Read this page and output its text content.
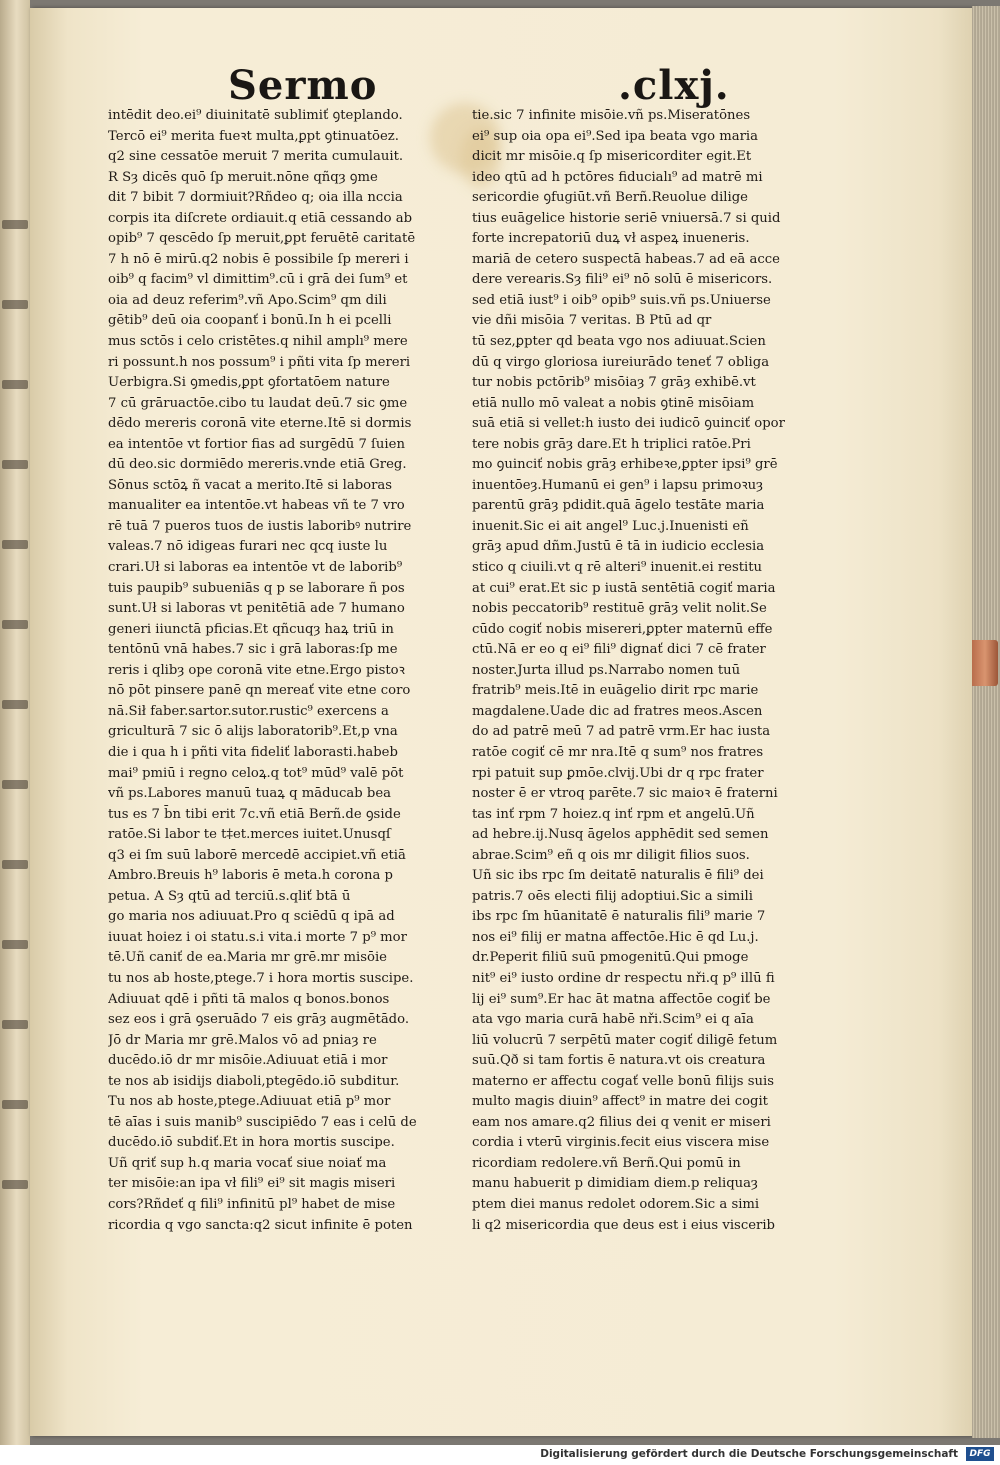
Sermo	.clxj.
intēdit deo.ei⁹ diuinitatē sublimiť ꝯteplando.
Tercō ei⁹ merita fueꝛt multa,ꝑpt ꝯtinuatōez.
q2 sine cessatōe meruit 7 merita cumulauit.
R Sȝ dicēs quō ſp meruit.nōne qñqȝ ꝯme
dit 7 bibit 7 dormiuit?Rñdeo q; oia illa nccia
corpis ita diſcrete ordiauit.q etiā cessando ab
opib⁹ 7 qescēdo ſp meruit,ꝑpt feruētē caritatē
7 h nō ē mirū.q2 nobis ē possibile ſp mereri i
oib⁹ q facim⁹ vl dimittim⁹.cū i grā dei ſum⁹ et
oia ad deuz referim⁹.vñ Apo.Scim⁹ qm dili
gētib⁹ deū oia coopanť i bonū.In h ei pcelli
mus sctōs i celo cristētes.q nihil amplı⁹ mere
ri possunt.h nos possum⁹ i pñti vita ſp mereri
Uerbigra.Si ꝯmedis,ꝑpt ꝯfortatōem nature
7 cū grāruactōe.cibo tu laudat deū.7 sic ꝯme
dēdo mereris coronā vite eterne.Itē si dormis
ea intentōe vt fortior fias ad surgēdū 7 ſuien
dū deo.sic dormiēdo mereris.vnde etiā Greg.
Sōnus sctōꝝ ñ vacat a merito.Itē si laboras
manualiter ea intentōe.vt habeas vñ te 7 vro
rē tuā 7 pueros tuos de iustis laboribꝰ nutrire
valeas.7 nō idigeas furari nec qcq iuste lu
crari.Uł si laboras ea intentōe vt de laborib⁹
tuis paupib⁹ subueniās q p se laborare ñ pos
sunt.Uł si laboras vt penitētiā ade 7 humano
generi iiunctā pficias.Et qñcuqȝ haꝝ triū in
tentōnū vnā habes.7 sic i grā laboras:ſp me
reris i qlibȝ ope coronā vite etne.Ergo pistoꝛ
nō pōt pinsere panē qn mereať vite etne coro
nā.Sił faber.sartor.sutor.rustic⁹ exercens a
griculturā 7 sic ō alijs laboratorib⁹.Et,p vna
die i qua h i pñti vita fideliť laborasti.habeb
mai⁹ pmiū i regno celoꝝ.q tot⁹ mūd⁹ valē pōt
vñ ps.Labores manuū tuaꝝ q māducab bea
tus es 7 b̄n tibi erit 7c.vñ etiā Berñ.de ꝯside
ratōe.Si labor te t‡et.merces iuitet.Unusqſ
q3 ei ſm suū laborē mercedē accipiet.vñ etiā
Ambro.Breuis h⁹ laboris ē meta.h corona p
petua. A Sȝ qtū ad terciū.s.qliť btā ū
go maria nos adiuuat.Pro q sciēdū q ipā ad
iuuat hoiez i oi statu.s.i vita.i morte 7 p⁹ mor
tē.Uñ caniť de ea.Maria mr grē.mr misōie
tu nos ab hoste,ptege.7 i hora mortis suscipe.
Adiuuat qdē i pñti tā malos q bonos.bonos
sez eos i grā ꝯseruādo 7 eis grāȝ augmētādo.
Jō dr Maria mr grē.Malos vō ad pniaȝ re
ducēdo.iō dr mr misōie.Adiuuat etiā i mor
te nos ab isidijs diaboli,ptegēdo.iō subditur.
Tu nos ab hoste,ptege.Adiuuat etiā p⁹ mor
tē aīas i suis manib⁹ suscipiēdo 7 eas i celū de
ducēdo.iō subdiť.Et in hora mortis suscipe.
Uñ qriť sup h.q maria vocať siue noiať ma
ter misōie:an ipa vł fili⁹ ei⁹ sit magis miseri
cors?Rñdeť q fili⁹ infinitū pl⁹ habet de mise
ricordia q vgo sancta:q2 sicut infinite ē poten
tie.sic 7 infinite misōie.vñ ps.Miseratōnes
ei⁹ sup oia opa ei⁹.Sed ipa beata vgo maria
dicit mr misōie.q ſp misericorditer egit.Et
ideo qtū ad h pctōres fiducialı⁹ ad matrē mi
sericordie ꝯfugiūt.vñ Berñ.Reuolue dilige
tius euāgelice historie seriē vniuersā.7 si quid
forte increpatoriū duꝝ vł aspeꝝ inueneris.
mariā de cetero suspectā habeas.7 ad eā acce
dere verearis.Sȝ fili⁹ ei⁹ nō solū ē misericors.
sed etiā iust⁹ i oib⁹ opib⁹ suis.vñ ps.Uniuerse
vie dñi misōia 7 veritas. B Ptū ad qr
tū sez,ꝑpter qd beata vgo nos adiuuat.Scien
dū q virgo gloriosa iureiurādo teneť 7 obliga
tur nobis pctōrib⁹ misōiaȝ 7 grāȝ exhibē.vt
etiā nullo mō valeat a nobis ꝯtinē misōiam
suā etiā si vellet:h iusto dei iudicō ꝯuinciť opor
tere nobis grāȝ dare.Et h triplici ratōe.Pri
mo ꝯuinciť nobis grāȝ erhibeꝛe,ꝑpter ipsi⁹ grē
inuentōeȝ.Humanū ei gen⁹ i lapsu primoꝛuȝ
parentū grāȝ pdidit.quā āgelo testāte maria
inuenit.Sic ei ait angel⁹ Luc.j.Inuenisti eñ
grāȝ apud dñm.Justū ē tā in iudicio ecclesia
stico q ciuili.vt q rē alteri⁹ inuenit.ei restitu
at cui⁹ erat.Et sic p iustā sentētiā cogiť maria
nobis peccatorib⁹ restituē grāȝ velit nolit.Se
cūdo cogiť nobis misereri,ꝑpter maternū effe
ctū.Nā er eo q ei⁹ fili⁹ dignať dici 7 cē frater
noster.Jurta illud ps.Narrabo nomen tuū
fratrib⁹ meis.Itē in euāgelio dirit rpc marie
magdalene.Uade dic ad fratres meos.Ascen
do ad patrē meū 7 ad patrē vrm.Er hac iusta
ratōe cogiť cē mr nra.Itē q sum⁹ nos fratres
rpi patuit sup ꝑmōe.clvij.Ubi dr q rpc frater
noster ē er vtroq parēte.7 sic maioꝛ ē fraterni
tas inť rpm 7 hoiez.q inť rpm et angelū.Uñ
ad hebre.ij.Nusq āgelos apphēdit sed semen
abrae.Scim⁹ eñ q ois mr diligit filios suos.
Uñ sic ibs rpc ſm deitatē naturalis ē fili⁹ dei
patris.7 oēs electi filij adoptiui.Sic a simili
ibs rpc ſm hūanitatē ē naturalis fili⁹ marie 7
nos ei⁹ filij er matna affectōe.Hic ē qd Lu.j.
dr.Peperit filiū suū pmogenitū.Qui pmoge
nit⁹ ei⁹ iusto ordine dr respectu nři.q p⁹ illū fi
lij ei⁹ sum⁹.Er hac āt matna affectōe cogiť be
ata vgo maria curā habē nři.Scim⁹ ei q aīa
liū volucrū 7 serpētū mater cogiť diligē fetum
suū.Qð si tam fortis ē natura.vt ois creatura
materno er affectu cogať velle bonū filijs suis
multo magis diuin⁹ affect⁹ in matre dei cogit
eam nos amare.q2 filius dei q venit er miseri
cordia i vterū virginis.fecit eius viscera mise
ricordiam redolere.vñ Berñ.Qui pomū in
manu habuerit p dimidiam diem.p reliquaȝ
ptem diei manus redolet odorem.Sic a simi
li q2 misericordia que deus est i eius viscerib
Digitalisierung gefördert durch die Deutsche Forschungsgemeinschaft	DFG
